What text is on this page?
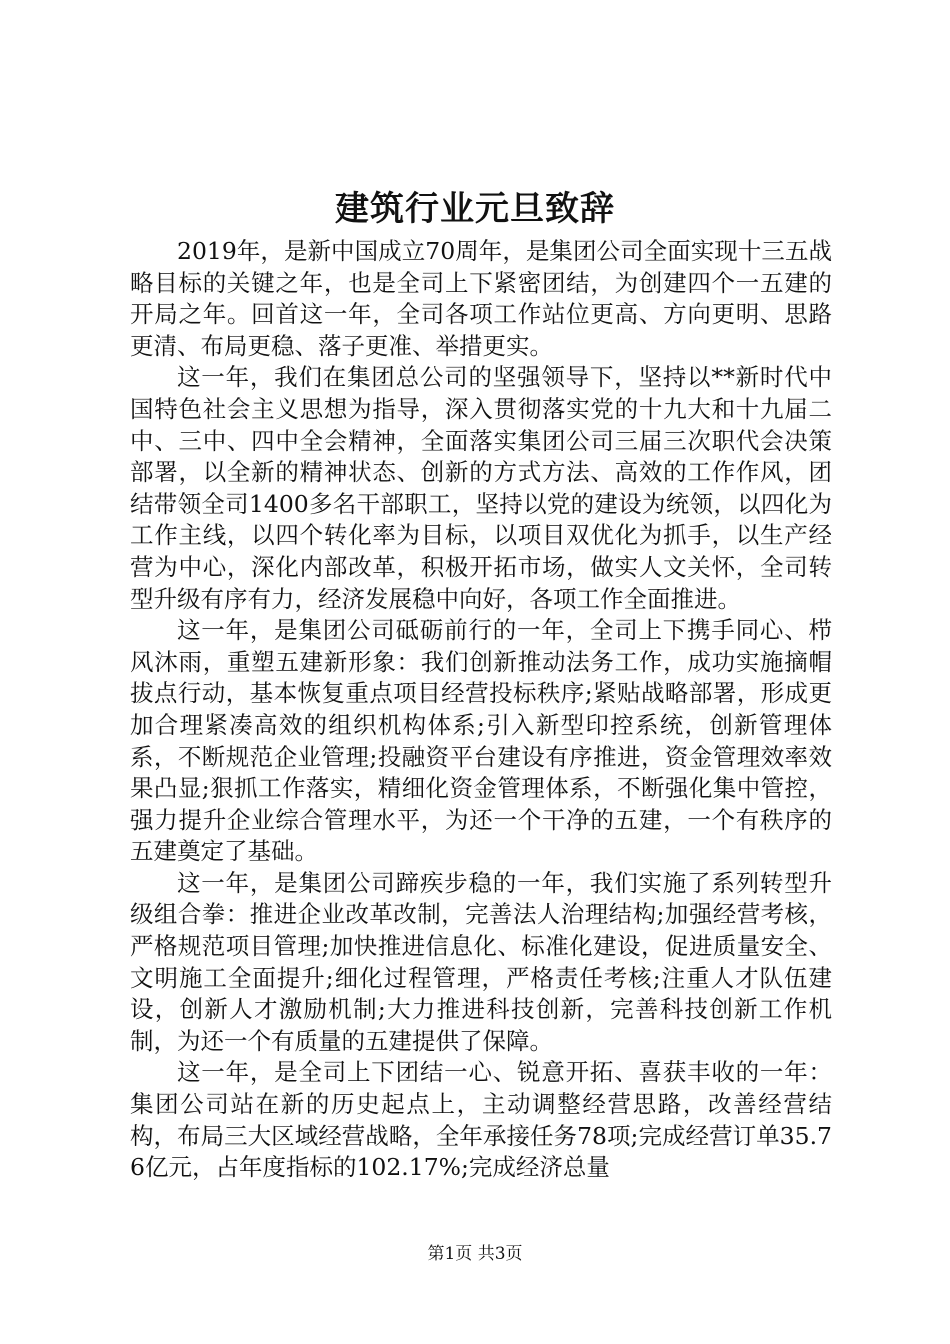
建筑行业元旦致辞

2019年，是新中国成立70周年，是集团公司全面实现十三五战略目标的关键之年，也是全司上下紧密团结，为创建四个一五建的开局之年。回首这一年，全司各项工作站位更高、方向更明、思路更清、布局更稳、落子更准、举措更实。

这一年，我们在集团总公司的坚强领导下，坚持以**新时代中国特色社会主义思想为指导，深入贯彻落实党的十九大和十九届二中、三中、四中全会精神，全面落实集团公司三届三次职代会决策部署，以全新的精神状态、创新的方式方法、高效的工作作风，团结带领全司1400多名干部职工，坚持以党的建设为统领，以四化为工作主线，以四个转化率为目标，以项目双优化为抓手，以生产经营为中心，深化内部改革，积极开拓市场，做实人文关怀，全司转型升级有序有力，经济发展稳中向好，各项工作全面推进。

这一年，是集团公司砥砺前行的一年，全司上下携手同心、栉风沐雨，重塑五建新形象：我们创新推动法务工作，成功实施摘帽拔点行动，基本恢复重点项目经营投标秩序;紧贴战略部署，形成更加合理紧凑高效的组织机构体系;引入新型印控系统，创新管理体系，不断规范企业管理;投融资平台建设有序推进，资金管理效率效果凸显;狠抓工作落实，精细化资金管理体系，不断强化集中管控，强力提升企业综合管理水平，为还一个干净的五建，一个有秩序的五建奠定了基础。

这一年，是集团公司蹄疾步稳的一年，我们实施了系列转型升级组合拳：推进企业改革改制，完善法人治理结构;加强经营考核，严格规范项目管理;加快推进信息化、标准化建设，促进质量安全、文明施工全面提升;细化过程管理，严格责任考核;注重人才队伍建设，创新人才激励机制;大力推进科技创新，完善科技创新工作机制，为还一个有质量的五建提供了保障。

这一年，是全司上下团结一心、锐意开拓、喜获丰收的一年：集团公司站在新的历史起点上，主动调整经营思路，改善经营结构，布局三大区域经营战略，全年承接任务78项;完成经营订单35.76亿元，占年度指标的102.17%;完成经济总量

第1页 共3页
